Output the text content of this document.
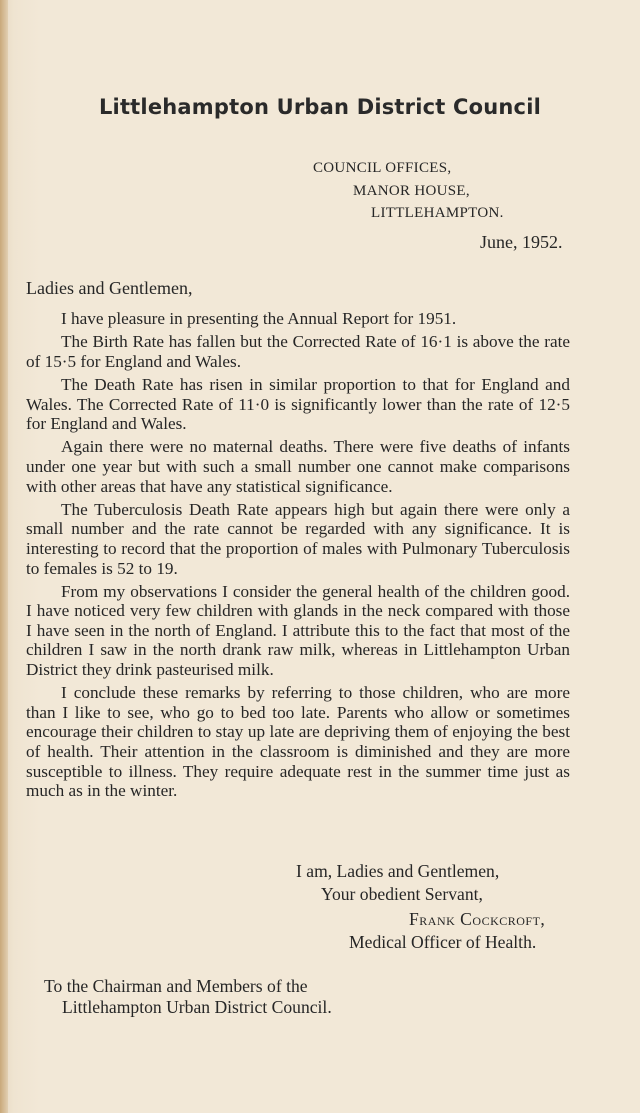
Littlehampton Urban District Council
COUNCIL OFFICES,
MANOR HOUSE,
LITTLEHAMPTON.
June, 1952.
Ladies and Gentlemen,

I have pleasure in presenting the Annual Report for 1951.

The Birth Rate has fallen but the Corrected Rate of 16·1 is above the rate of 15·5 for England and Wales.

The Death Rate has risen in similar proportion to that for England and Wales. The Corrected Rate of 11·0 is significantly lower than the rate of 12·5 for England and Wales.

Again there were no maternal deaths. There were five deaths of infants under one year but with such a small number one cannot make comparisons with other areas that have any statistical significance.

The Tuberculosis Death Rate appears high but again there were only a small number and the rate cannot be regarded with any significance. It is interesting to record that the proportion of males with Pulmonary Tuberculosis to females is 52 to 19.

From my observations I consider the general health of the children good. I have noticed very few children with glands in the neck compared with those I have seen in the north of England. I attribute this to the fact that most of the children I saw in the north drank raw milk, whereas in Littlehampton Urban District they drink pasteurised milk.

I conclude these remarks by referring to those children, who are more than I like to see, who go to bed too late. Parents who allow or sometimes encourage their children to stay up late are depriving them of enjoying the best of health. Their attention in the classroom is diminished and they are more susceptible to illness. They require adequate rest in the summer time just as much as in the winter.

I am, Ladies and Gentlemen,
Your obedient Servant,
Frank Cockcroft,
Medical Officer of Health.
To the Chairman and Members of the
Littlehampton Urban District Council.
